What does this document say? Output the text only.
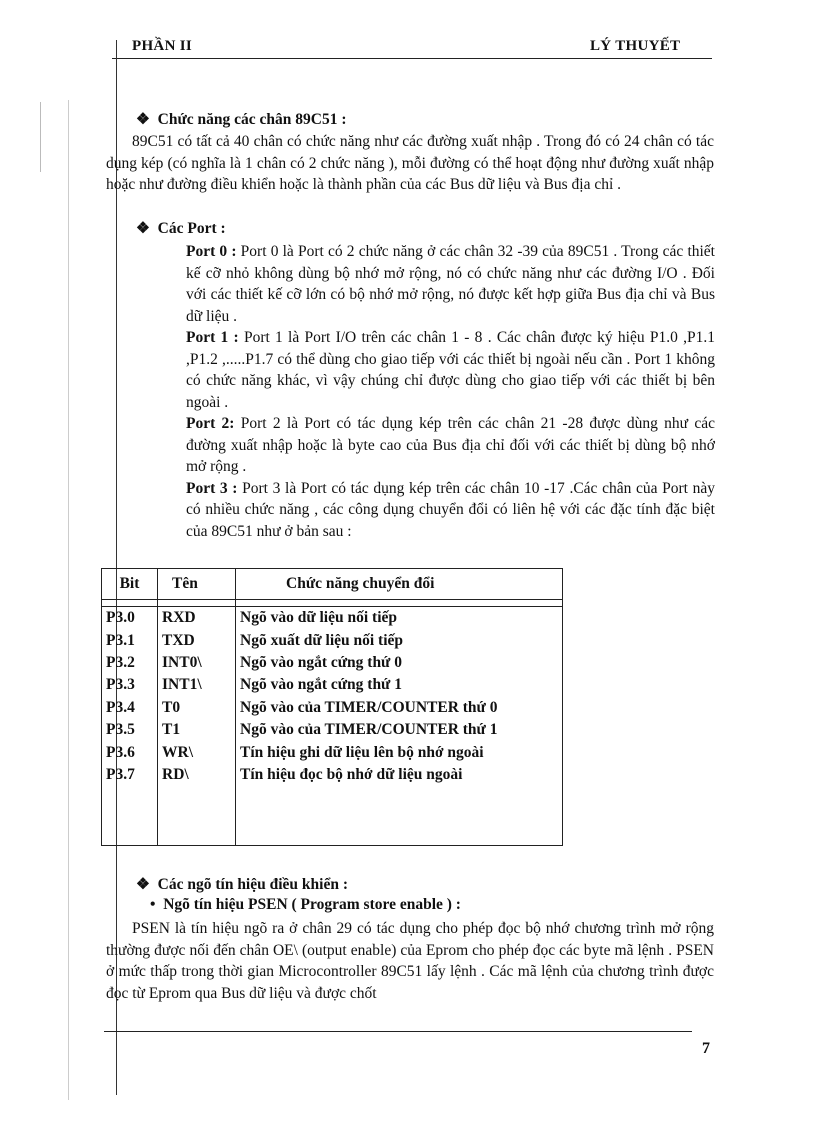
PHẦN II	LÝ THUYẾT
❖ Chức năng các chân 89C51 :
89C51 có tất cả 40 chân có chức năng như các đường xuất nhập . Trong đó có 24 chân có tác dụng kép (có nghĩa là 1 chân có 2 chức năng ), mỗi đường có thể hoạt động như đường xuất nhập hoặc như đường điều khiển hoặc là thành phần của các Bus dữ liệu và Bus địa chỉ .
❖ Các Port :

Port 0 : Port 0 là Port có 2 chức năng ở các chân 32 -39 của 89C51 . Trong các thiết kế cỡ nhỏ không dùng bộ nhớ mở rộng, nó có chức năng như các đường I/O . Đối với các thiết kế cỡ lớn có bộ nhớ mở rộng, nó được kết hợp giữa Bus địa chỉ và Bus dữ liệu .

Port 1 : Port 1 là Port I/O trên các chân 1 - 8 . Các chân được ký hiệu P1.0 ,P1.1 ,P1.2 ,.....P1.7 có thể dùng cho giao tiếp với các thiết bị ngoài nếu cần . Port 1 không có chức năng khác, vì vậy chúng chỉ được dùng cho giao tiếp với các thiết bị bên ngoài .

Port 2: Port 2 là Port có tác dụng kép trên các chân 21 -28 được dùng như các đường xuất nhập hoặc là byte cao của Bus địa chỉ đối với các thiết bị dùng bộ nhớ mở rộng .

Port 3 : Port 3 là Port có tác dụng kép trên các chân 10 -17 .Các chân của Port này có nhiều chức năng , các công dụng chuyển đổi có liên hệ với các đặc tính đặc biệt của 89C51 như ở bản sau :

Bit	Tên	Chức năng chuyển đổi

P3.0	RXD	Ngõ vào dữ liệu nối tiếp
P3.1	TXD	Ngõ xuất dữ liệu nối tiếp
P3.2	INT0\	Ngõ vào ngắt cứng thứ 0
P3.3	INT1\	Ngõ vào ngắt cứng thứ 1
P3.4	T0	Ngõ vào của TIMER/COUNTER thứ 0
P3.5	T1	Ngõ vào của TIMER/COUNTER thứ 1
P3.6	WR\	Tín hiệu ghi dữ liệu lên bộ nhớ ngoài
P3.7	RD\	Tín hiệu đọc bộ nhớ dữ liệu ngoài

❖ Các ngõ tín hiệu điều khiển :
• Ngõ tín hiệu PSEN ( Program store enable ) :
PSEN là tín hiệu ngõ ra ở chân 29 có tác dụng cho phép đọc bộ nhớ chương trình mở rộng thường được nối đến chân OE\ (output enable) của Eprom cho phép đọc các byte mã lệnh . PSEN ở mức thấp trong thời gian Microcontroller 89C51 lấy lệnh . Các mã lệnh của chương trình được đọc từ Eprom qua Bus dữ liệu và được chốt
7
